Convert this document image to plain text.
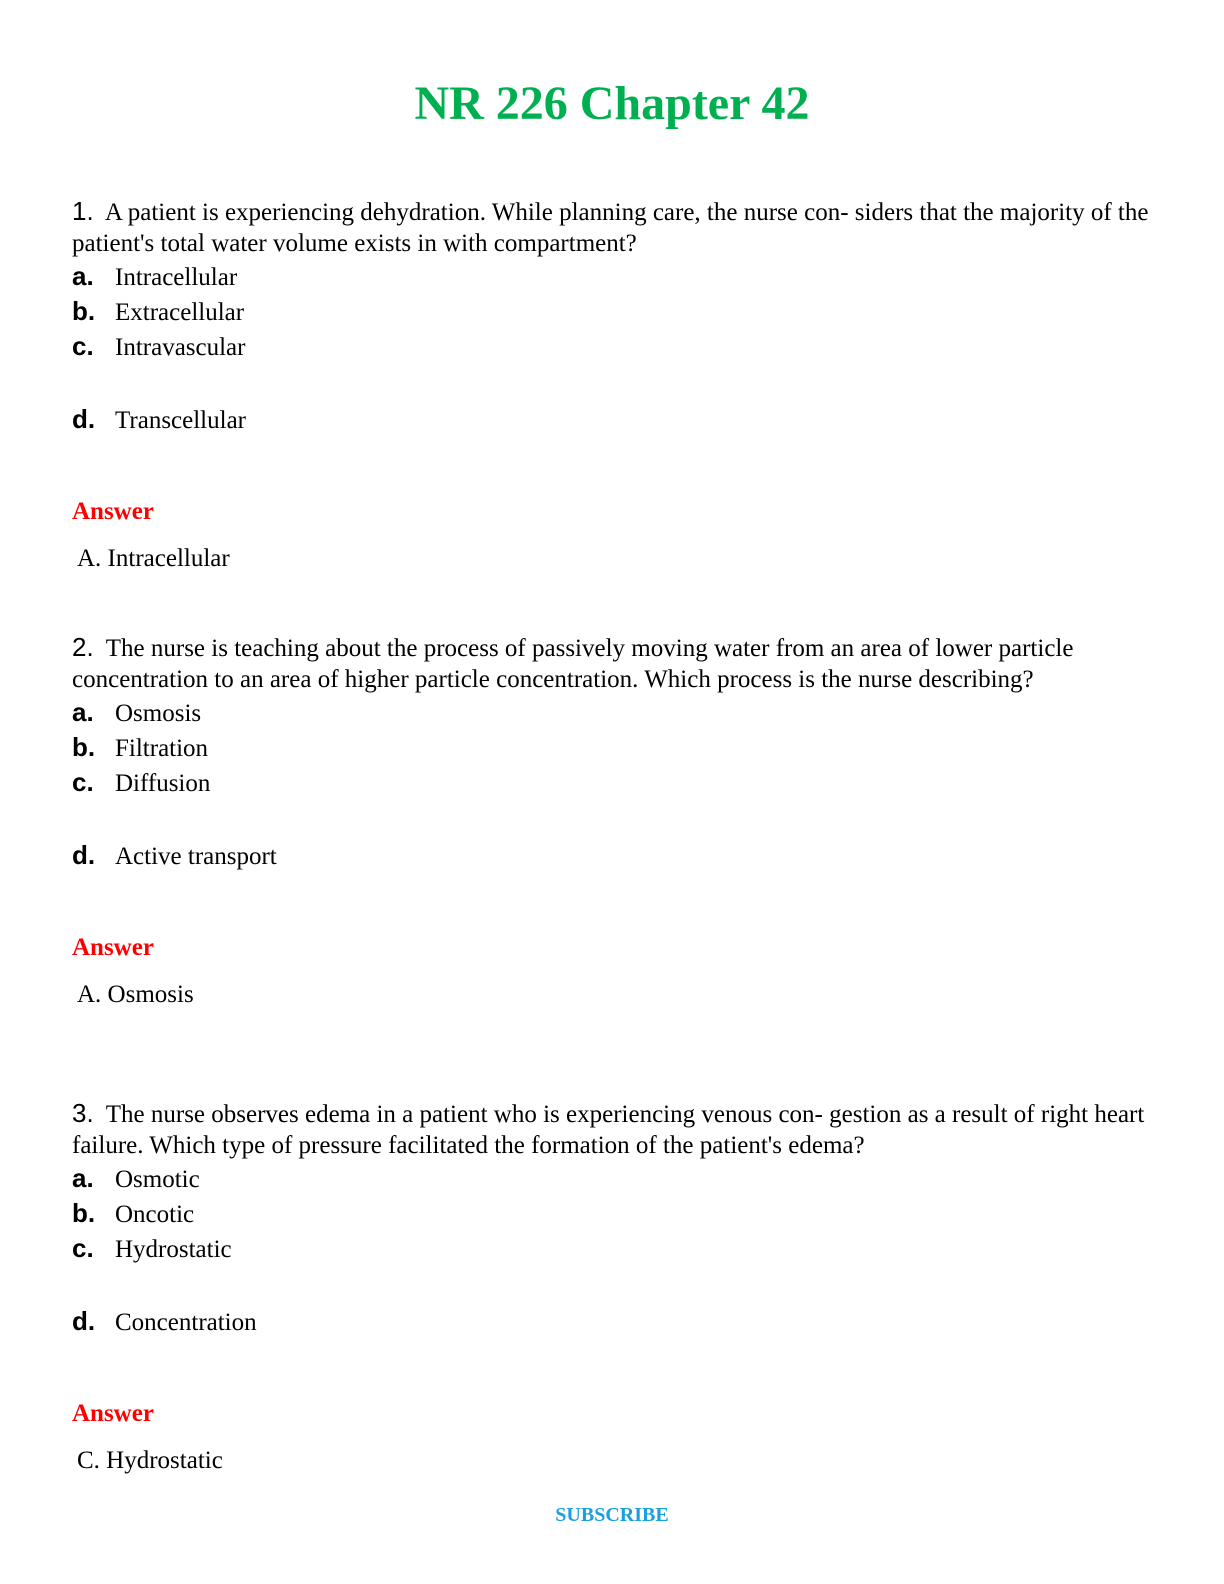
NR 226 Chapter 42

1. A patient is experiencing dehydration. While planning care, the nurse con- siders that the majority of the patient's total water volume exists in with compartment?

a. Intracellular
b. Extracellular
c. Intravascular
d. Transcellular
Answer
A. Intracellular

2. The nurse is teaching about the process of passively moving water from an area of lower particle concentration to an area of higher particle concentration. Which process is the nurse describing?

a. Osmosis
b. Filtration
c. Diffusion
d. Active transport
Answer
A. Osmosis

3. The nurse observes edema in a patient who is experiencing venous con- gestion as a result of right heart failure. Which type of pressure facilitated the formation of the patient's edema?

a. Osmotic
b. Oncotic
c. Hydrostatic
d. Concentration
Answer
C. Hydrostatic
SUBSCRIBE
